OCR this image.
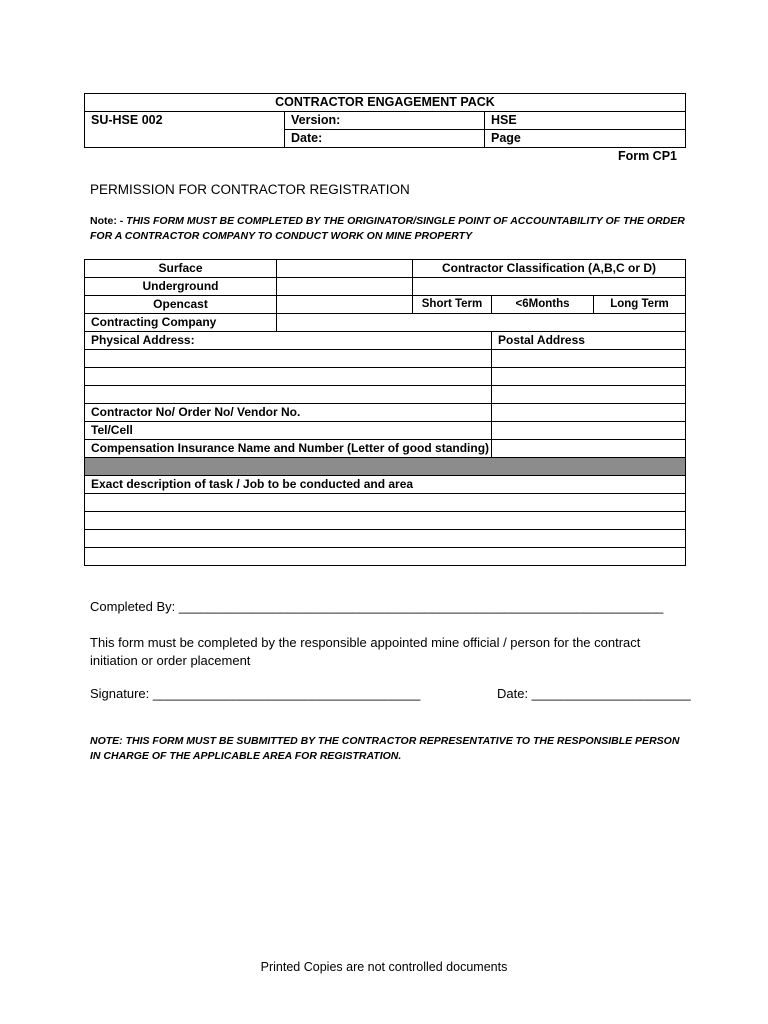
CONTRACTOR ENGAGEMENT PACK		
SU-HSE 002	Version:	HSE
	Date:	Page
Form CP1
PERMISSION FOR CONTRACTOR REGISTRATION
Note: - THIS FORM MUST BE COMPLETED BY THE ORIGINATOR/SINGLE POINT OF ACCOUNTABILITY OF THE ORDER FOR A CONTRACTOR COMPANY TO CONDUCT WORK ON MINE PROPERTY
Surface		Contractor Classification (A,B,C or D)		
Underground				
Opencast		Short Term	<6Months	Long Term
Contracting Company				
Physical Address:			Postal Address	

Contractor No/ Order No/ Vendor No.				
Tel/Cell				
Compensation Insurance Name and Number (Letter of good standing)				

Exact description of task / Job to be conducted and area				

Completed By: ___________________________________________________________________
This form must be completed by the responsible appointed mine official / person for the contract initiation or order placement
Signature: _____________________________________	Date: ______________________
NOTE: THIS FORM MUST BE SUBMITTED BY THE CONTRACTOR REPRESENTATIVE TO THE RESPONSIBLE PERSON IN CHARGE OF THE APPLICABLE AREA FOR REGISTRATION.
Printed Copies are not controlled documents
